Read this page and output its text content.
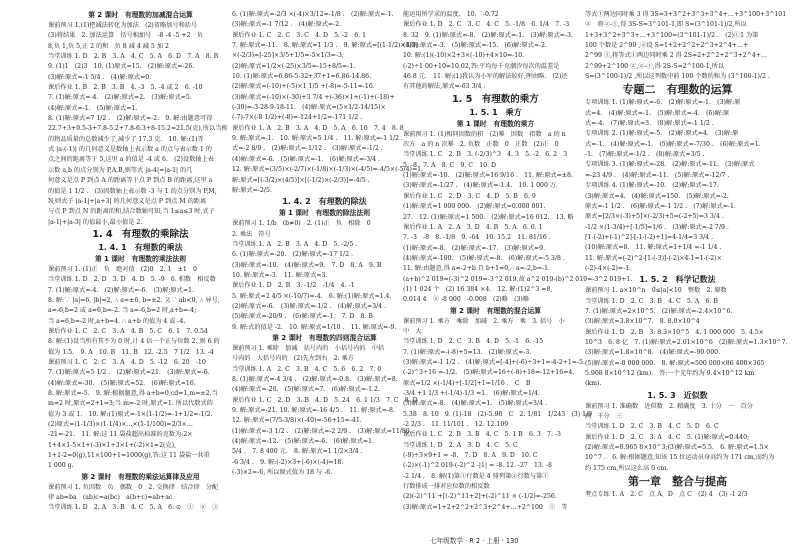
第 2 课时　有理数的加减混合运算
课前预习 1.(1)把减法转化为加法　(2)省略加号和括号
(3)将结果　2. 加法运算　括号相加号　-8 -4 -5 +2　负
8,负 1,负 5,正 2 的和　负 8 减 4 减 5 加 2
当堂训练 1. D　2. B　3. A　4. C　5. A　6. D　7. A　8. B
9. (1)1　(2)3　10. (1)原式=15.　(2)解:原式=-26.
(3)解:原式=-1 5/4 .　(4)解:原式=0.
课后作业 1. B　2. B　3. B　4. -3　5. -4 或 2　6. -10
7. (1)解:原式=-4.　(2)解:原式=2.　(3)解:原式=5.
(4)解:原式=-1.　(5)解:原式=1.
8. (1)解:原式=7 1/2 .　(2)解:原式=-2.　9. 解:由题意可得
22.7+3+9.5-3+7.8-5.2+7.8-6.3+8-15.2=21.5(克),所以当称
的物品质量的总数减少了,减少了 17.3 克.　10. 解:(1)等
式 |a-(-1)| 的几何意义是数轴上表示数 a 的点与表示数 1 的
点之间的距离等于 5,这里 a 的值是 -4 或 6.　(2)设数轴上表
示数 a,b 的点分别为 P,A,B,则等式 |a-4|=|a-1| 的几
何意义是点 P 到点 A 的距离等于点 P 到点 B 的距离,这里 a
的值是 1 1/2 .　(3)因数轴上表示数 -3 与 1 的点分别为 P,M,
N,则式子 |a-1|+|a+3| 的几何意义是点 P 到点 M 的距离
与点 P 到点 N 的距离的和,结合数轴可知,当 1≤a≤3 时,式子
|a-1|+|a-3| 的值最小,最小值是 2.
1. 4　有理数的乘除法
1. 4. 1　有理数的乘法
第 1 课时　有理数的乘法法则
课前预习 1. (1)正　负　绝对值　(2)0　2. 1　±1　0
当堂训练 1. D　2. D　3. D　4. D　5. -9　6. 积数　相反数
7. (1)解:原式=-4.　(2)解:原式=-6.　(3)解:原式=1.
8. 解:∵ |a|=6, |b|=2, ∴ a=±6, b=±2. 又∵ ab<0, ∴ 异号,
a=-6,b=2 或 a=6,b=-2. 当 a=-6,b=2 时,a+b=-4;
当 a=6,b=-2 时,a+b=4. ∴ a+b 的值为 4 或 -4.
课后作业 1. C　2. C　3. A　4. B　5. C　6. 1　7. 0.54
8. 解:(1)设当所有其不为 0 时,计 4 倍一个正与位数 2. 则 6 的
值为 1.5.　9. A　10. B　11. B　12. -2.5　7 1/2　13. -4
课前预习 1. C　2. C　3. A　4. D　5. -12　6. 20　-10
7. (1)解:原式=5 1/2 .　(2)解:原式=21.　(3)解:原式=-6.
(4)解:原式=-30.　(5)解:原式=52.　(6)解:原式=16.
8. 解:原式=-5.　9. 解:根据题意,得 a+b=0,cd=1,m=±2,当
m=2 时,原式=2+1=3;当 m=-2 时,原式=1. 所以代数式的
值为 3 或 1.　10. 解:(1)原式=-1×(1-1/2)=-1+1/2=-1/2.
(2)原式=(1-1/3)×(1-1/4)×…×(1-1/100)=2/3×…
-21=-21.　11. 解:这 11 袋盐超出标准的克数为:2×
1+4×1-5×1+(-3)×1+3×1+(-2)×1=2(克),
1+1-2=0(g),11×100+1=1000(g),答:这 11 袋盐一共重
1 000 g.
第 2 课时　有理数的乘法运算律及应用
课前预习 1. 负因数　负　偶数　0　2. 交换律　结合律　分配
律 ab=ba　(ab)c=a(bc)　a(b+c)=ab+ac
当堂训练 1. D　2. A　3. B　4. C　5. A　6. ⊙　①　②　③
6. (1)解:原式=-2/3 ×(-4)×3/12=-1/8 .　(2)解:原式=-1.
(3)解:原式=-1 7/12 .　(4)解:原式=-2.
课后作业 1. C　2. C　3. C　4. D　5. -2　6. 1
7. 解:原式=-11.　8. 解:原式=1 1/3 .　9. 解:原式=[(1-1/2)×3/3]
×(-2/3)=[-25]×3/5+1/5=-5×1/3=-3;
(2)解:原式=1/2×(-25)×3/5=-15+8/5=-1.
10. (1)解:原式=6.86-5-32+37+1=6.86-14.86.
(2)解:原式=(-10)+(-5)×1 1/5 +(-8)=-5-11=-16.
(3)解:原式=(-10)×(-30)+3 7/4 +(-36)×1+(-1)+(-18)+
(-30)=-3-28-9-18-11.　(4)解:原式=(5×1/2-14/15)×
(-7)-7×(-8 1/2)+(-8)=-124+1/2=-171 1/2 .
课后作业 1. A　2. B　3. A　4. D　5. A　6. 10　7. 4　8. 8
9. 解:原式=-1.　10. 解:原式=5 1/4 .　11. 解:原式=-1 1/2 .
式=-2 8/9 .　(2)解:原式=-1/12 .　(3)解:原式=-1/2 .
(4)解:原式=-6.　(5)解:原式=-1.　(6)解:原式=-3/4 .
12. 解:原式=(3/5)×(-2/7)×(-1/8)×(-1/3)×(-4/5)=-4/5×(-5/4)=1.
解:原式=[(-3/2)×(4/5)]×[(-1/2)×(-2/3)]=-4/5 .
解:原式=-2/5.
1. 4. 2　有理数的除法
第 1 课时　有理数的除法法则
课前预习 1. 1/b　(b≠0)　2. (1)正　负　相除　0
2. 乘法　符号
当堂训练 1. A　2. B　3. A　4. D　5. -2/5 .
6. (1)解:原式=-20.　(2)解:原式=-17 1/2 .
(3)解:原式=-10.　(4)解:原式=9.　7. D　8. A　9. B
10. 解:原式=-3.　11. 解:原式=3.
课后作业 1. D　2. B　3. -1/2　-1/4　4. -1
5. 解:原式=2 4/5 ×(-10/7)=-4.　6. 解:(1)解:原式=1.4.
(2)解:原式=-6.　(3)解:原式=-1/2 .　(4)解:原式=3/4 .
(5)解:原式=-20/9 .　(6)解:原式=-1.　7. D　8. B
9. 解:式的值是 -2.　10. 解:原式=1/10 .　11. 解:原式=-9.
第 2 课时　有理数的四则混合运算
课前预习 1. 乘除　加减　括号内的　小括号内的　中括
号内的　大括号内的　(2)先左到右　2. 乘方
当堂训练 1. A　2. C　3. B　4. C　5. 6　6. 2　7. 0
8. (1)解:原式=-4 3/4 .　(2)解:原式=-0.8.　(3)解:原式=8.
(4)解:原式=-20.　(5)解:原式=7.　(6)解:原式=-1.2.
课后作业 1. C　2. D　3. B　4. D　5. 24　6. 1 1/3　7. C　8. D
9. 解:原式=-21. 10. 解:原式=-16 4/5 .　11. 解:原式=-8.
12. 解:原式=(7/5-3/8)×(-40)=-56+15=-41.
(1)解:原式=-3 1/2 .　(2)解:原式=-2 2/9 .　(3)解:原式=11/80 .
(4)解:原式=-12.　(5)解:原式=-6.　(6)解:原式=1.
5/4 .　7. 8 400 元.　8. 解:原式=1 1/2×3/4 .
-6 3/4 .　9. 解:(-2)×3+(-6)×(-4)=18.
(-3)×2=-6, 所以原式值为 18 与 -6.
能运用所学求的温度.　10.　-0.72
课后作业 1. D　2. C　3. C　4. C　5. -1/8　6. 1/4　7. -3
8. 32　9. (1)解:原式=-8.　(2)解:原式=-1.　(3)解:原式=-3.
(4)解:原式=-3.　(5)解:原式=-15.　(6)解:原式=-2.
10. 解:(1)(-10)×2+3×(-10)+4×10=-10.
(-2)÷1 00+10=10.02,答:平均每千克潮汐每次的温差是
46.8 元.　11. 解:(1)我认为小军的解法较好,理由略.　(2)还
有其他的解法,原式=-63 3/4 .
1. 5　有理数的乘方
1. 5. 1　乘方
第 1 课时　有理数的乘方
课前预习 1. (1)相同因数的积　(2)幂　因数　指数　a 的 n
次方　a 的 n 次幂　2. 负数　正数　0　正数　(2)正　0
当堂训练 1. C　2. B　3. (-2/3)^3　4. 3　5. -2　6. 2　3
5. -8　7. A　8. C　9. C　10. D
(1)解:原式=-10.　(2)解:原式=16 9/16 .　11. 解:原式=±8.
(3)解:原式=-1/27 .　(4)解:原式=-1.4.　10. 1 000 万.
课后作业 1. C　2. D　3. C　4. D　5. B　6. 9
(1)解:原式=1 000 000.　(2)解:原式=0.000 001.
27.　12. (1)解:原式=1 500.　(2)解:原式=16 012.　13. 略
课后作业 1. A　2. A　3. D　4. B　5. A　6. 0. 1
7. -3　-8　8. -1/8　9. -64　10. 15.2　11. 81/16 .
(1)解:原式=-8.　(2)解:原式=-17.　(3)解:原式=9.
(4)解:原式=-100.　(5)解:原式=-8.　(6)解:原式=-5 3/8 .
11. 解:由题意,得 a=-2+b 且 b+1=0,∴ a=-2,b=-1.
(a+b)^2 019=(-3)^2 019=-3^2 019,故 a^2 019-(b)^2 019=-3^2 019+1.
(1) 1 024 个　(2) 16 384 ×4.　12. 解:(1)2^3 =8,
0.014 4　② -8 000　-0.008　(2)略　(3)略
第 2 课时　有理数的混合运算
课前预习 1. 乘方　乘除　加减　2. 乘方　乘　3. 括号　小
中　大
当堂训练 1. D　2. C　3. B　4. D　5. -1　6. -15
7. (1)解:原式=-(-8)+5=13.　(2)解:原式=-3.
(3)解:原式=-1 1/2 .　(4)解:原式=[-4]+(-6)÷3+1=-4-2+1=-5.
(-2)^3÷16 =-1/2.　(5)解:原式=16÷(-8)+18=-12+16=4.
原式=1/2 ×(-1/4)÷[-1/2]+1=1/16 .　C　B
-3/4 +1 1/3 +(-1/4)-1/3 =1.　(6)解:原式=1/4.
(3)解:原式=-8.　(4)解:原式=1.　(5)解:原式=3/4 .
5.38　8. 10　9. (1)-18　(2)-5.98　C　2. 1/81　1/243　(3) 1/9
-2 2/3 .　11. 11/101 .　12. 12.109
课后作业 1. C　2. B　3. B　4. C　5. 1 B　6. 3　7. -3
当堂训练 1. D　2. A　3. D　4. C　5. C
(-9)÷3×9+1 = -8.　7. D　8. A　9. D　10. C
(-2)×(-1)^2 019-(-2)^2 -|1| = -8. 12. -27　13. -8
-2 1/4 .　8. 解(1)第①行数是 4 排列第②行数与第①
行数排成一排对应位数的相反数
(2)(-2)^11 +[(-2)^11+2]+(-2)^11 × (-1/2)=-256.
(3)解:原式=1+2+2^2+2^3+2^4+…+2^100　①　等
等式①两边同时乘 3 得 3S=3+3^2+3^3+3^4+…+3^100+3^101
②　将②-①,得 3S-S=3^101-1,即 S=(3^101-1)/2,所以
1+3+3^2+3^3+…+3^100=(3^101-1)/2 .　(2)①1 为第
100 个数是 2^99 ,②设 S=1+2+2^2+2^3+2^4+…+
2^99 ①,将等式①两边同时乘 2 得 2S=2+2^2+2^3+2^4+…
2^99+2^100 ②,②-①,得 2S-S=2^100-1,所以
S=(3^100-1)/2 ,所以这列数中前 100 个数的和为 (3^100-1)/2 .
专题二　有理数的运算
专项训练 1. (1)解:原式=-6.　(2)解:原式=-1.　(3)解:原
式=4.　(4)解:原式=-1.　(5)解:原式=-4.　(6)解:原
式=-4.　(7)解:原式=3.　(8)解:原式=-1 1/2 .
专项训练 2. (1)解:原式=-5.　(2)解:原式=4.　(3)解:原
式=-1.　(4)解:原式=-1.　(5)解:原式=-7/30 .　(6)解:原式=1.
-1.　(7)解:原式=-1/2 .　(8)解:原式=3/5 .
专项训练 3. (1)解:原式=-28.　(2)解:原式=-11.　(3)解:原式
=-23 4/9 .　(4)解:原式=-11.　(5)解:原式=-12/7 .
专项训练 4. (1)解:原式=-10.　(2)解:原式=-17.
(3)解:原式=4.　(4)解:原式=150.　(5)解:原式=-2.
原式=-1 1/2 .　(6)解:原式=-1 1/2 .　(7)解:原式=-1.
原式=[2/3×(-3)+5]×(-2/3)+5=(-2+5)=3 3/4 .
-1/2 ×(1-3/4)÷[-1/5]=1/6 .　(3)解:原式=-2 7/9 .
[1-(-2)+(-1)^2]-[-1-(-2)+1]=4-1/4=3 3/4 .
(10)解:原式=8.　11. 解:原式=1+1/4 =-1 1/4 .
11. 解:原式=(-2)^2-[1-(-3)]-(-2)×4-1=1-(-2)×
(-2)-4×(-2)=-1.
1. 5. 2　科学记数法
课前预习 1. a×10^n　0≤|a|<10　整数　2. 原数
当堂训练 1. D　2. C　3. B　4. C　5. A　6. B
7. (1)解:原式=2×10^5.　(2)解:原式=-2.4×10^6.
(3)解:原式=3.8×10^7.　8. 8.0×10^4
课后作业 1. D　2. B　3. 8.3×10^5　4. 1 000 000　5. 4.5×
10^3　6. 8 亿　7. (1)解:原式=2.01×10^6　(2)解:原式=1.3×10^7.
(3)解:原式=1.8×10^8.　(4)解:原式=-90 000.
(5)解:原式=-8 000 000.　8. 解:原式=500 000×86 400×365
5.908 8×10^12 (km).　答:一个光年约为 9.4×10^12 km
(km).
1. 5. 3　近似数
课前预习 1. 准确数　近似数　2. 精确度　3. 十分　一　百分
两　千分　三
当堂训练 1. D　2. C　3. B　4. C　5. D　6. C
课后作业 1. D　2. C　3. A　4. C　5. (1)解:原式≈0.440;
(2)解:原式≈8.965 8×10^3;(3)解:原式≈5.5.　6. 解:原式≈1.5×
10^7 .　6. 解:根据题意,知该 15 位运动员身高约为 171 cm,而约为
约 175 cm,所以这么高 0 cm.
第一章　整合与提高
考点专练 1. A　2. C　点 A、D　点 C　(2) 4　(3) -1 2/3
七年级数学 · R 2 · 上册 · 130
